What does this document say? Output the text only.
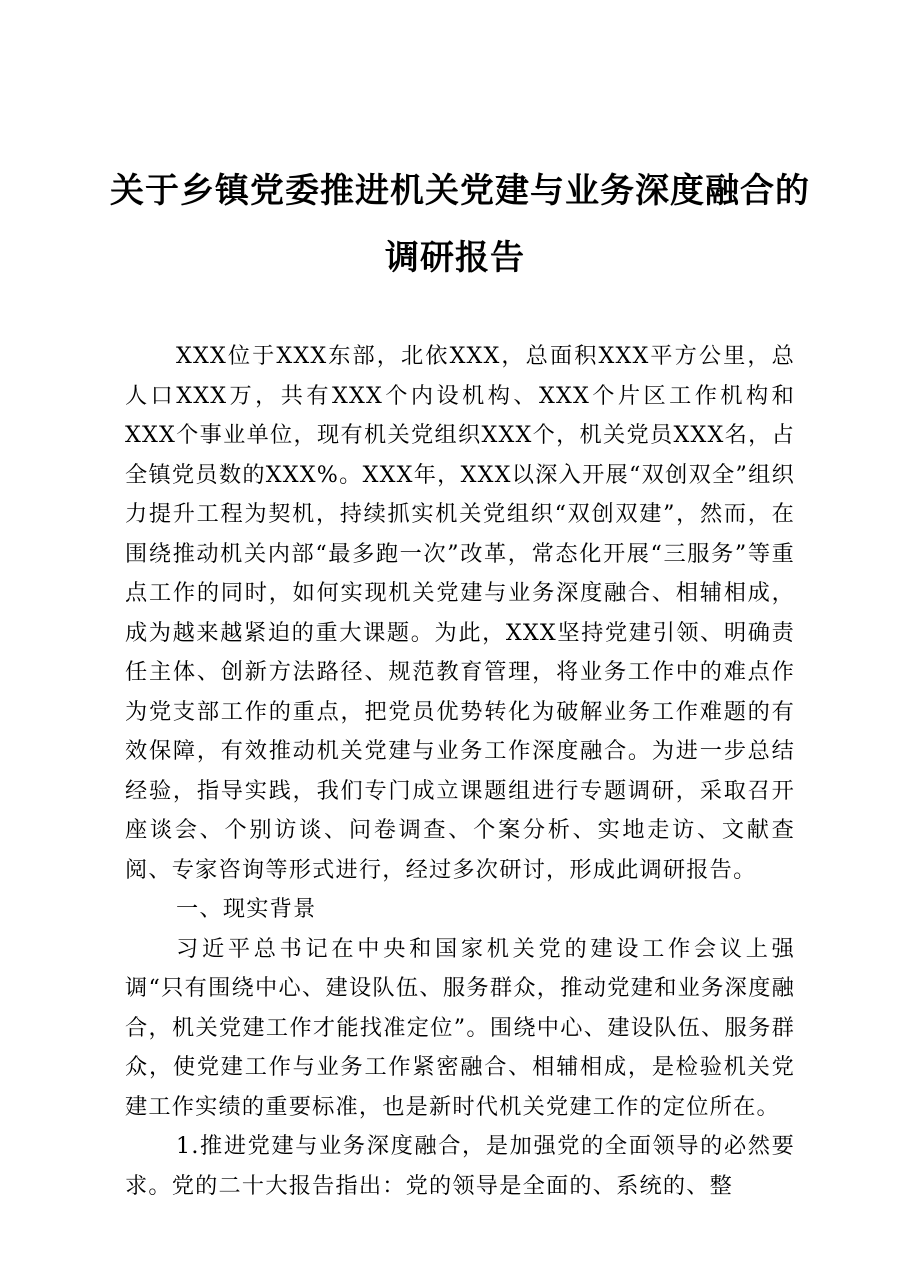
关于乡镇党委推进机关党建与业务深度融合的
调研报告

XXX位于XXX东部，北依XXX，总面积XXX平方公里，总人口XXX万，共有XXX个内设机构、XXX个片区工作机构和XXX个事业单位，现有机关党组织XXX个，机关党员XXX名，占全镇党员数的XXX%。XXX年，XXX以深入开展“双创双全”组织力提升工程为契机，持续抓实机关党组织“双创双建”，然而，在围绕推动机关内部“最多跑一次”改革，常态化开展“三服务”等重点工作的同时，如何实现机关党建与业务深度融合、相辅相成，成为越来越紧迫的重大课题。为此，XXX坚持党建引领、明确责任主体、创新方法路径、规范教育管理，将业务工作中的难点作为党支部工作的重点，把党员优势转化为破解业务工作难题的有效保障，有效推动机关党建与业务工作深度融合。为进一步总结经验，指导实践，我们专门成立课题组进行专题调研，采取召开座谈会、个别访谈、问卷调查、个案分析、实地走访、文献查阅、专家咨询等形式进行，经过多次研讨，形成此调研报告。

一、现实背景

习近平总书记在中央和国家机关党的建设工作会议上强调“只有围绕中心、建设队伍、服务群众，推动党建和业务深度融合，机关党建工作才能找准定位”。围绕中心、建设队伍、服务群众，使党建工作与业务工作紧密融合、相辅相成，是检验机关党建工作实绩的重要标准，也是新时代机关党建工作的定位所在。

1.推进党建与业务深度融合，是加强党的全面领导的必然要求。党的二十大报告指出：党的领导是全面的、系统的、整
